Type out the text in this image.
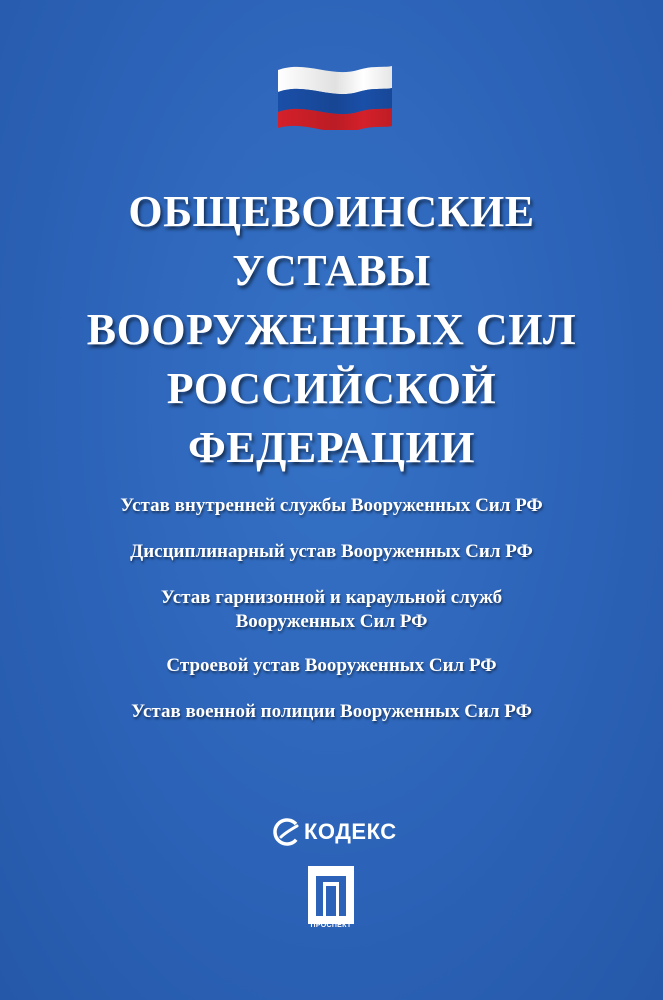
ОБЩЕВОИНСКИЕ
УСТАВЫ
ВООРУЖЕННЫХ СИЛ
РОССИЙСКОЙ
ФЕДЕРАЦИИ
Устав внутренней службы Вооруженных Сил РФ
Дисциплинарный устав Вооруженных Сил РФ
Устав гарнизонной и караульной служб
Вооруженных Сил РФ
Строевой устав Вооруженных Сил РФ
Устав военной полиции Вооруженных Сил РФ
КОДЕКС
ПРОСПЕКТ
